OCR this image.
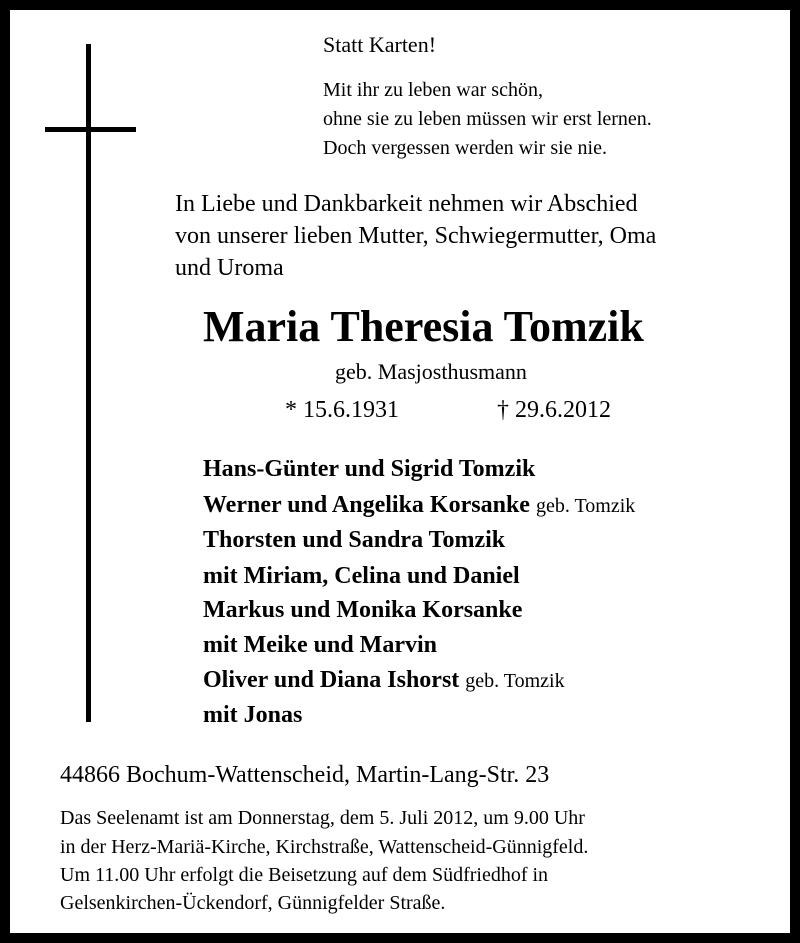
Statt Karten!
Mit ihr zu leben war schön,
ohne sie zu leben müssen wir erst lernen.
Doch vergessen werden wir sie nie.
In Liebe und Dankbarkeit nehmen wir Abschied
von unserer lieben Mutter, Schwiegermutter, Oma
und Uroma
Maria Theresia Tomzik
geb. Masjosthusmann
* 15.6.1931	† 29.6.2012
Hans-Günter und Sigrid Tomzik
Werner und Angelika Korsanke geb. Tomzik
Thorsten und Sandra Tomzik
mit Miriam, Celina und Daniel
Markus und Monika Korsanke
mit Meike und Marvin
Oliver und Diana Ishorst geb. Tomzik
mit Jonas
44866 Bochum-Wattenscheid, Martin-Lang-Str. 23
Das Seelenamt ist am Donnerstag, dem 5. Juli 2012, um 9.00 Uhr
in der Herz-Mariä-Kirche, Kirchstraße, Wattenscheid-Günnigfeld.
Um 11.00 Uhr erfolgt die Beisetzung auf dem Südfriedhof in
Gelsenkirchen-Ückendorf, Günnigfelder Straße.
